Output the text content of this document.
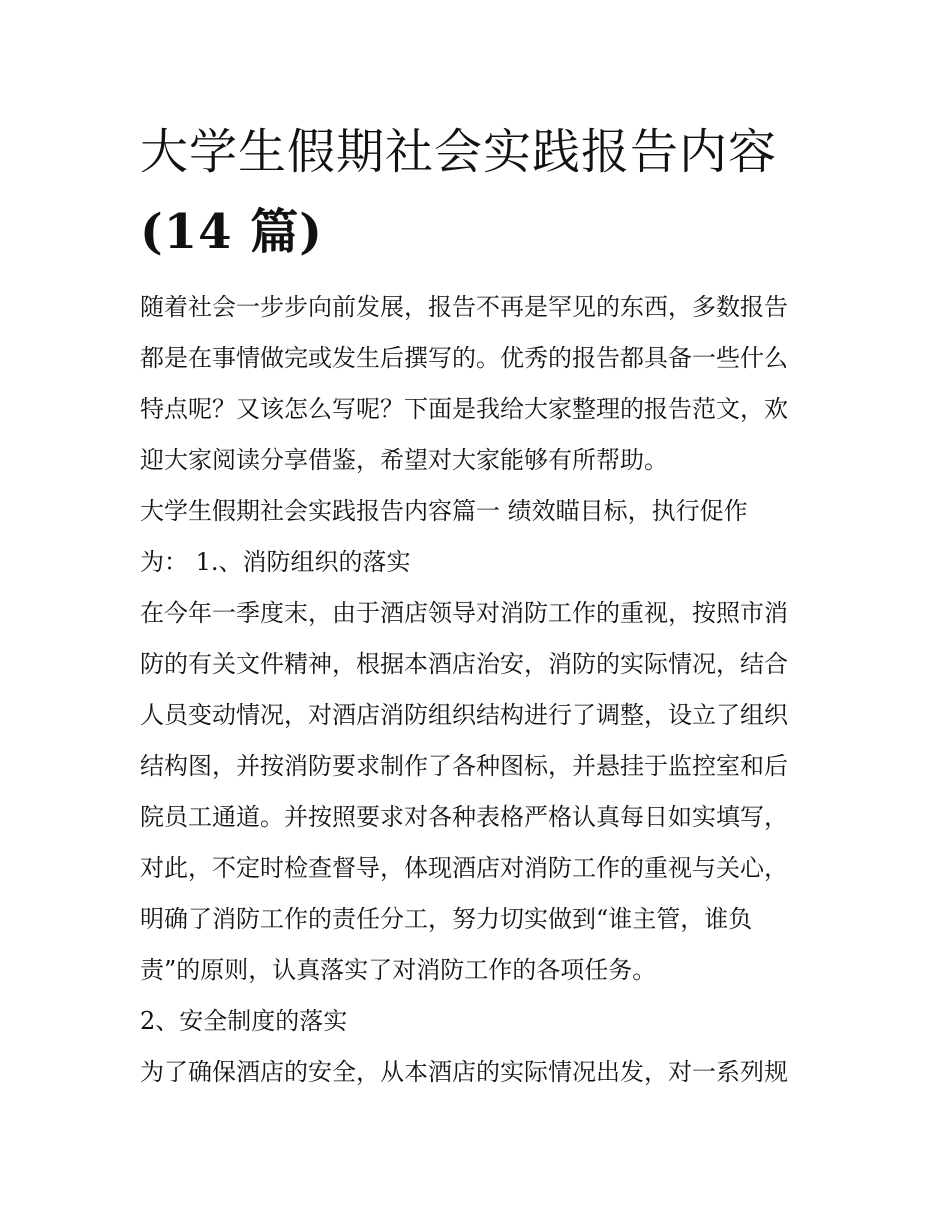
大学生假期社会实践报告内容
(14 篇)

随着社会一步步向前发展，报告不再是罕见的东西，多数报告

都是在事情做完或发生后撰写的。优秀的报告都具备一些什么

特点呢？又该怎么写呢？下面是我给大家整理的报告范文，欢

迎大家阅读分享借鉴，希望对大家能够有所帮助。

大学生假期社会实践报告内容篇一 绩效瞄目标，执行促作

为： 1.、消防组织的落实

在今年一季度末，由于酒店领导对消防工作的重视，按照市消

防的有关文件精神，根据本酒店治安，消防的实际情况，结合

人员变动情况，对酒店消防组织结构进行了调整，设立了组织

结构图，并按消防要求制作了各种图标，并悬挂于监控室和后

院员工通道。并按照要求对各种表格严格认真每日如实填写，

对此，不定时检查督导，体现酒店对消防工作的重视与关心，

明确了消防工作的责任分工，努力切实做到“谁主管，谁负

责”的原则，认真落实了对消防工作的各项任务。

2、安全制度的落实

为了确保酒店的安全，从本酒店的实际情况出发，对一系列规
